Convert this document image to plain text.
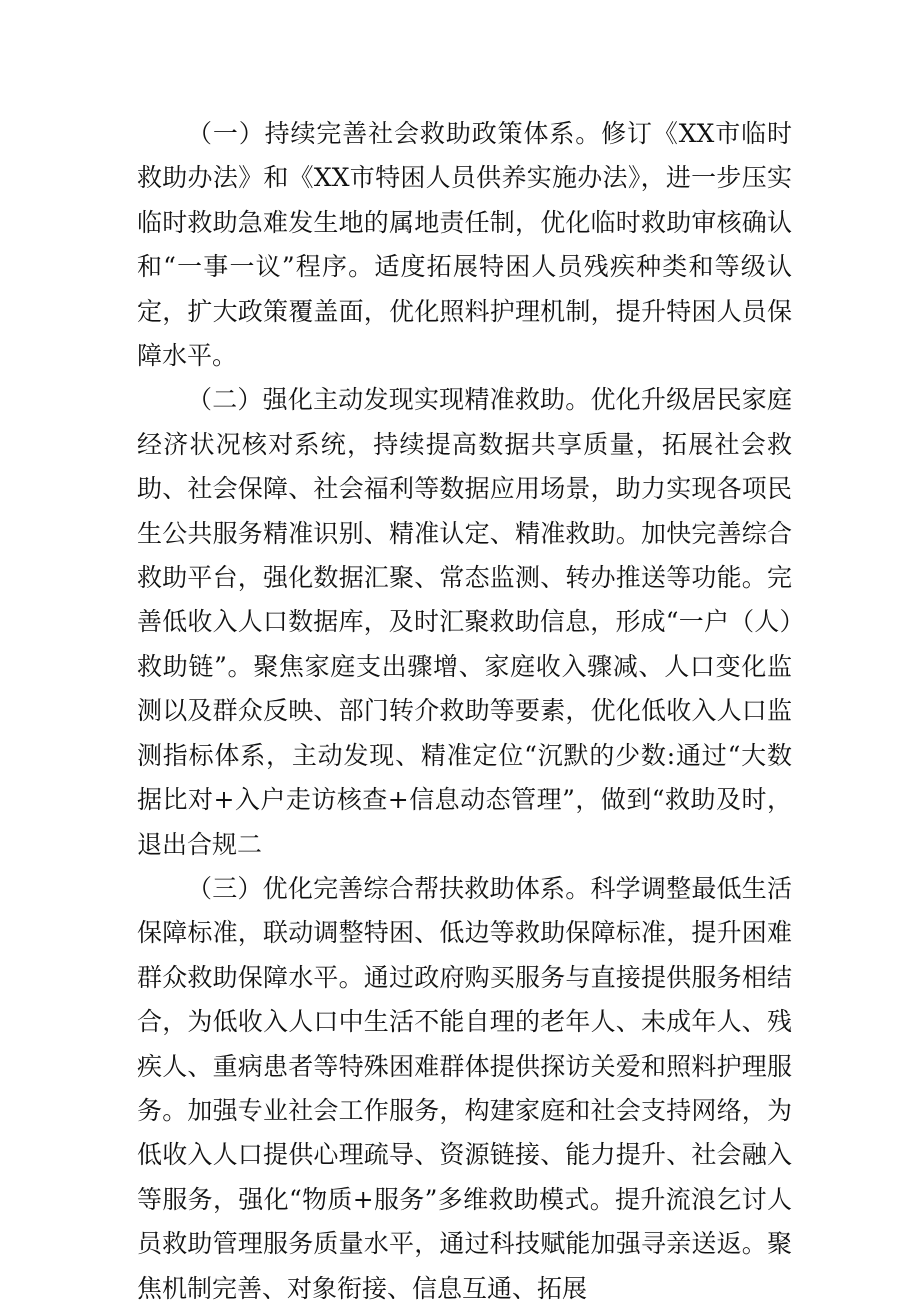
（一）持续完善社会救助政策体系。修订《XX市临时救助办法》和《XX市特困人员供养实施办法》，进一步压实临时救助急难发生地的属地责任制，优化临时救助审核确认和“一事一议”程序。适度拓展特困人员残疾种类和等级认定，扩大政策覆盖面，优化照料护理机制，提升特困人员保障水平。

（二）强化主动发现实现精准救助。优化升级居民家庭经济状况核对系统，持续提高数据共享质量，拓展社会救助、社会保障、社会福利等数据应用场景，助力实现各项民生公共服务精准识别、精准认定、精准救助。加快完善综合救助平台，强化数据汇聚、常态监测、转办推送等功能。完善低收入人口数据库，及时汇聚救助信息，形成“一户（人）救助链”。聚焦家庭支出骤增、家庭收入骤减、人口变化监测以及群众反映、部门转介救助等要素，优化低收入人口监测指标体系，主动发现、精准定位“沉默的少数:通过“大数据比对+入户走访核查+信息动态管理”，做到“救助及时，退出合规二

（三）优化完善综合帮扶救助体系。科学调整最低生活保障标准，联动调整特困、低边等救助保障标准，提升困难群众救助保障水平。通过政府购买服务与直接提供服务相结合，为低收入人口中生活不能自理的老年人、未成年人、残疾人、重病患者等特殊困难群体提供探访关爱和照料护理服务。加强专业社会工作服务，构建家庭和社会支持网络，为低收入人口提供心理疏导、资源链接、能力提升、社会融入等服务，强化“物质+服务”多维救助模式。提升流浪乞讨人员救助管理服务质量水平，通过科技赋能加强寻亲送返。聚焦机制完善、对象衔接、信息互通、拓展
